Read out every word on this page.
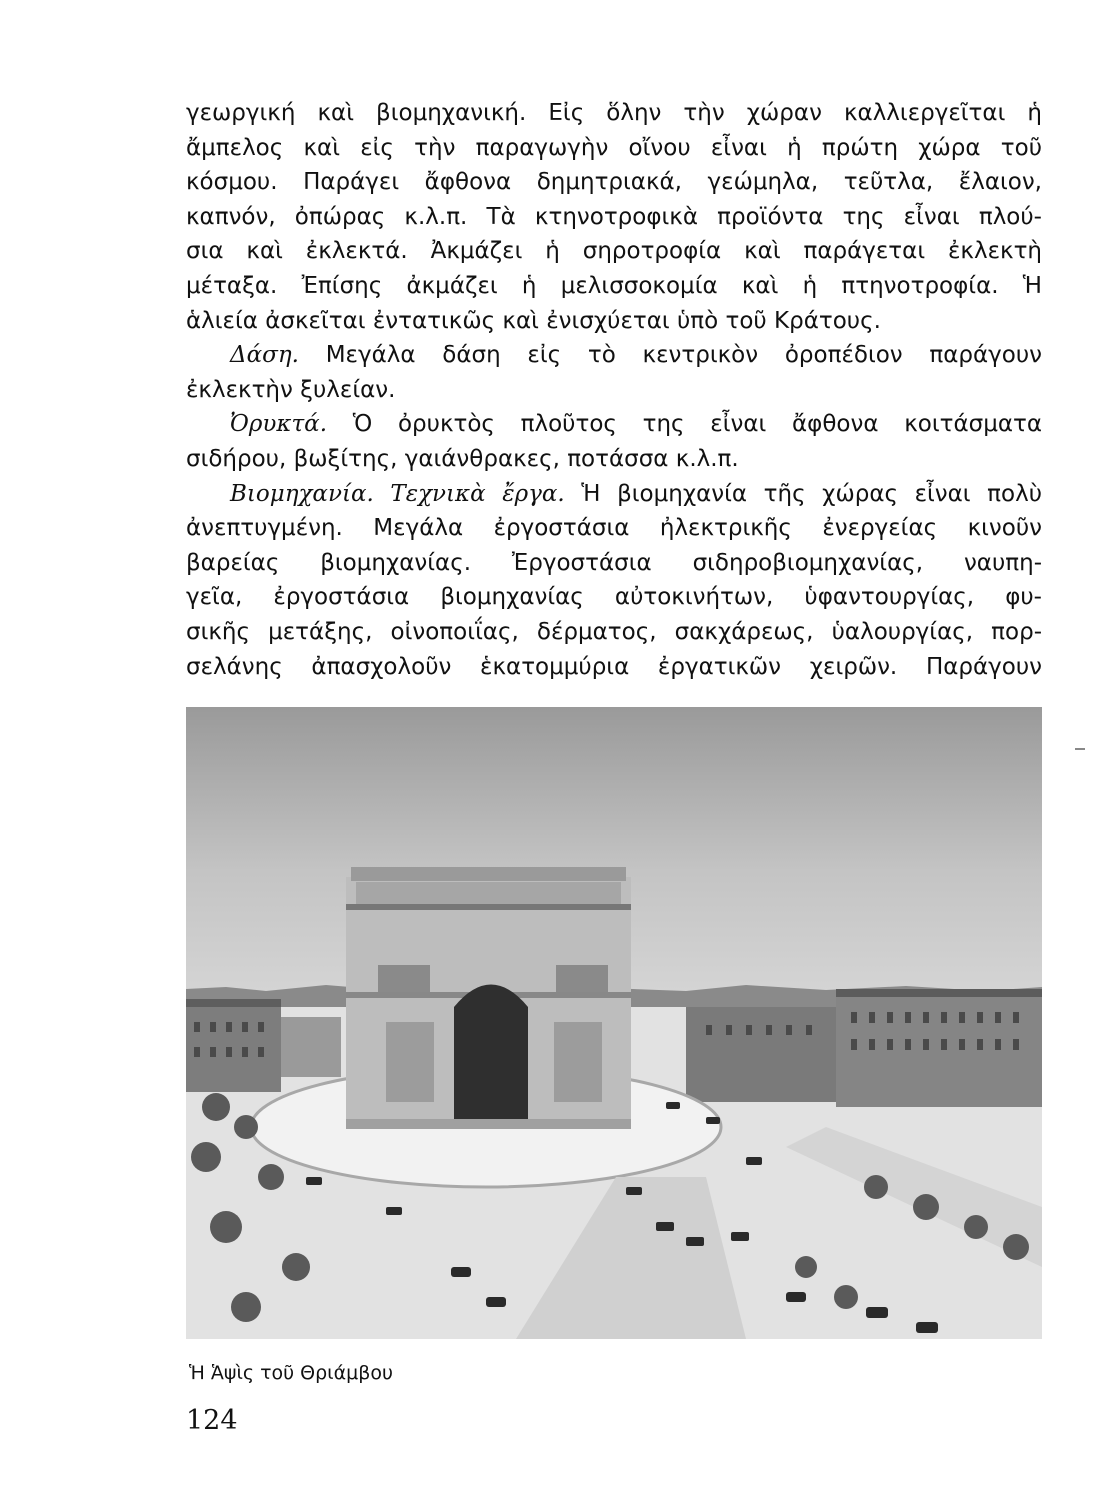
γεωργική καὶ βιομηχανική. Εἰς ὅλην τὴν χώραν καλλιεργεῖται ἡ
ἄμπελος καὶ εἰς τὴν παραγωγὴν οἴνου εἶναι ἡ πρώτη χώρα τοῦ
κόσμου. Παράγει ἄφθονα δημητριακά, γεώμηλα, τεῦτλα, ἔλαιον,
καπνόν, ὀπώρας κ.λ.π. Τὰ κτηνοτροφικὰ προϊόντα της εἶναι πλού-
σια καὶ ἐκλεκτά. Ἀκμάζει ἡ σηροτροφία καὶ παράγεται ἐκλεκτὴ
μέταξα. Ἐπίσης ἀκμάζει ἡ μελισσοκομία καὶ ἡ πτηνοτροφία. Ἡ
ἁλιεία ἀσκεῖται ἐντατικῶς καὶ ἐνισχύεται ὑπὸ τοῦ Κράτους.
Δάση. Μεγάλα δάση εἰς τὸ κεντρικὸν ὀροπέδιον παράγουν
ἐκλεκτὴν ξυλείαν.
Ὀρυκτά. Ὁ ὀρυκτὸς πλοῦτος της εἶναι ἄφθονα κοιτάσματα
σιδήρου, βωξίτης, γαιάνθρακες, ποτάσσα κ.λ.π.
Βιομηχανία. Τεχνικὰ ἔργα. Ἡ βιομηχανία τῆς χώρας εἶναι πολὺ
ἀνεπτυγμένη. Μεγάλα ἐργοστάσια ἠλεκτρικῆς ἐνεργείας κινοῦν
βαρείας βιομηχανίας. Ἐργοστάσια σιδηροβιομηχανίας, ναυπη-
γεῖα, ἐργοστάσια βιομηχανίας αὐτοκινήτων, ὑφαντουργίας, φυ-
σικῆς μετάξης, οἰνοποιΐας, δέρματος, σακχάρεως, ὑαλουργίας, πορ-
σελάνης ἀπασχολοῦν ἑκατομμύρια ἐργατικῶν χειρῶν. Παράγουν
Ἡ Ἁψὶς τοῦ Θριάμβου
124
